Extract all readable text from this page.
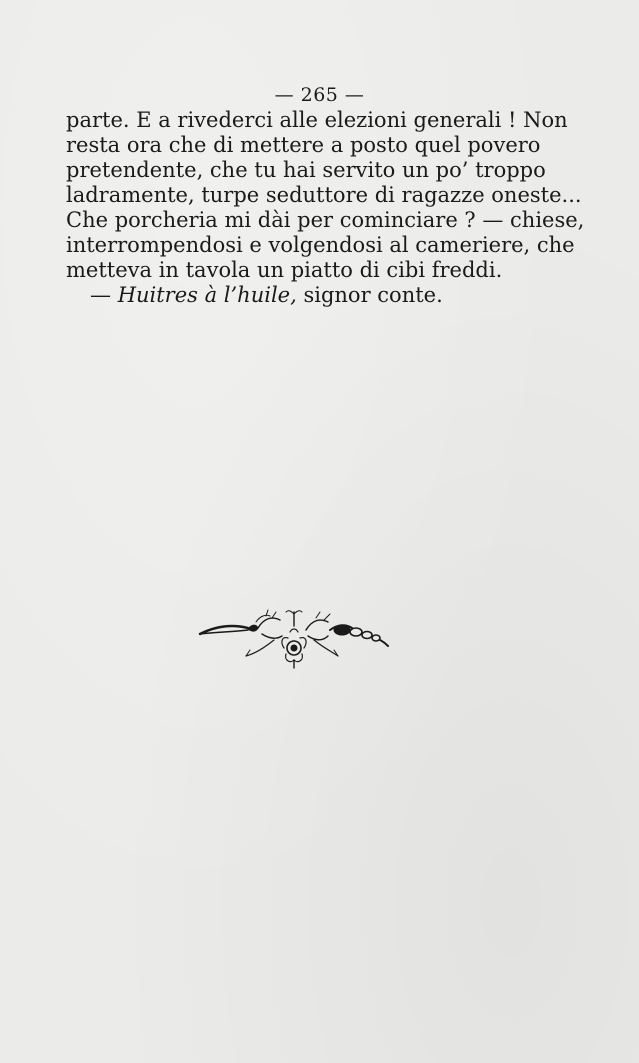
— 265 —
parte. E a rivederci alle elezioni generali ! Non
resta ora che di mettere a posto quel povero
pretendente, che tu hai servito un po’ troppo
ladramente, turpe seduttore di ragazze oneste...
Che porcheria mi dài per cominciare ? — chiese,
interrompendosi e volgendosi al cameriere, che
metteva in tavola un piatto di cibi freddi.
— Huitres à l’huile, signor conte.
